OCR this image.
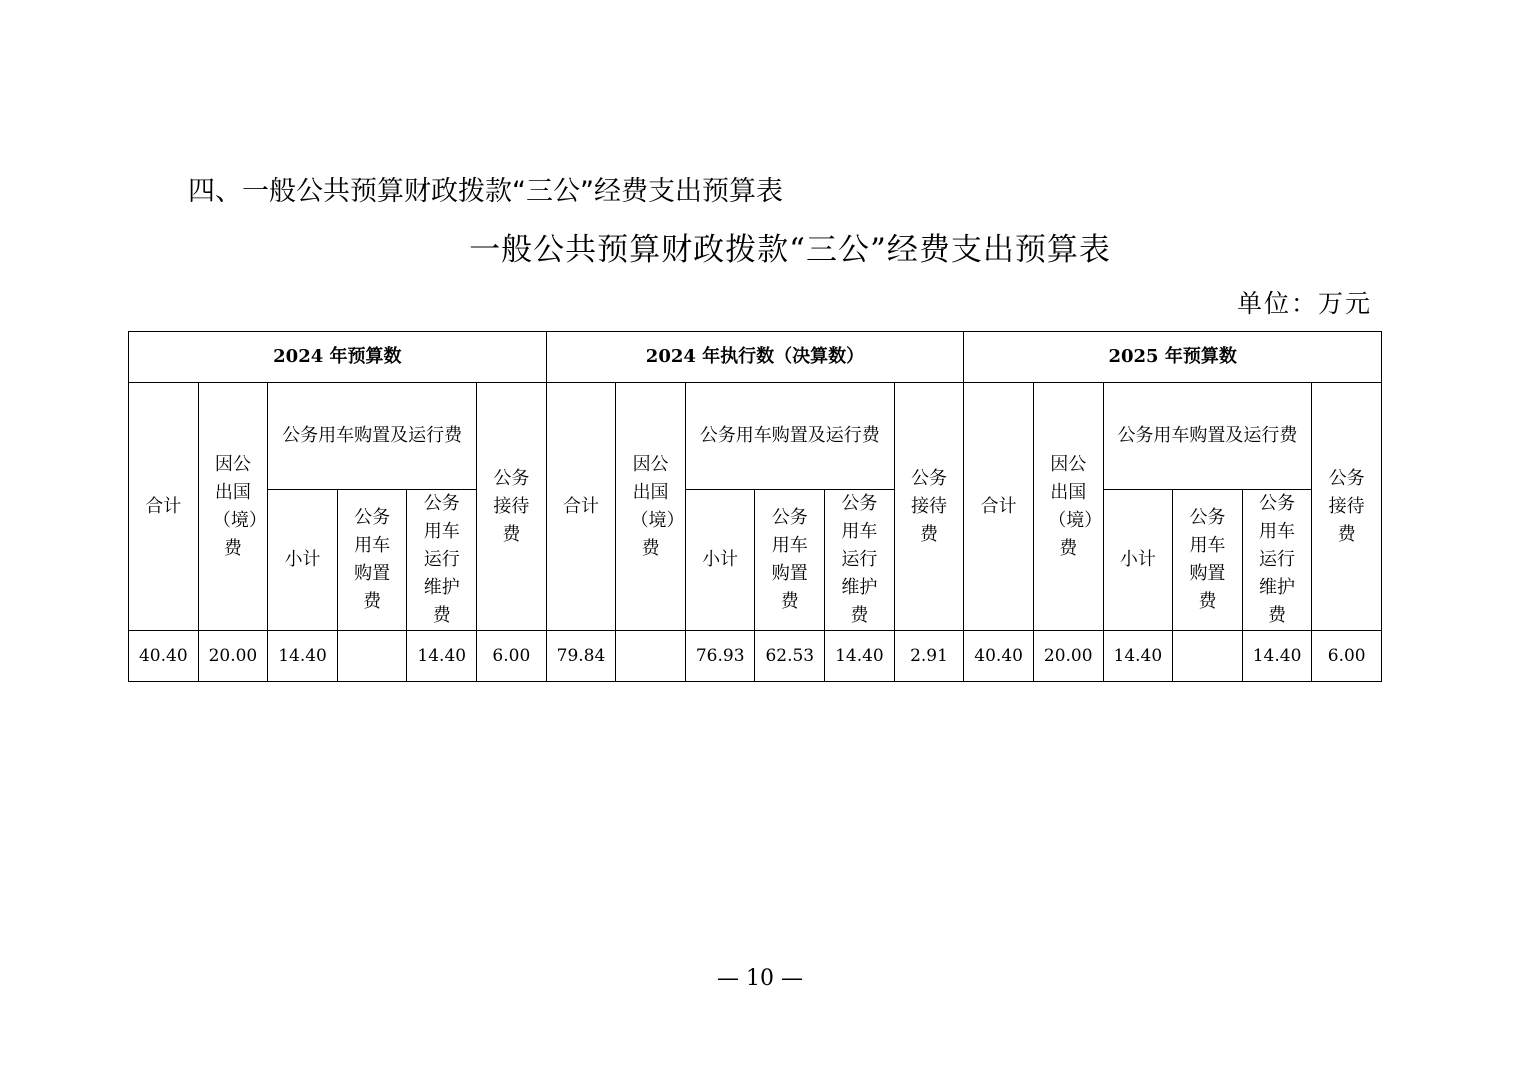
四、一般公共预算财政拨款“三公”经费支出预算表
一般公共预算财政拨款“三公”经费支出预算表
单位：万元
2024 年预算数						2024 年执行数（决算数）						2025 年预算数					
合计	因公出国（境）费	公务用车购置及运行费			公务接待费	合计	因公出国（境）费	公务用车购置及运行费			公务接待费	合计	因公出国（境）费	公务用车购置及运行费			公务接待费
		小计	公务用车购置费	公务用车运行维护费				小计	公务用车购置费	公务用车运行维护费				小计	公务用车购置费	公务用车运行维护费	
40.40	20.00	14.40		14.40	6.00	79.84		76.93	62.53	14.40	2.91	40.40	20.00	14.40		14.40	6.00
— 10 —
